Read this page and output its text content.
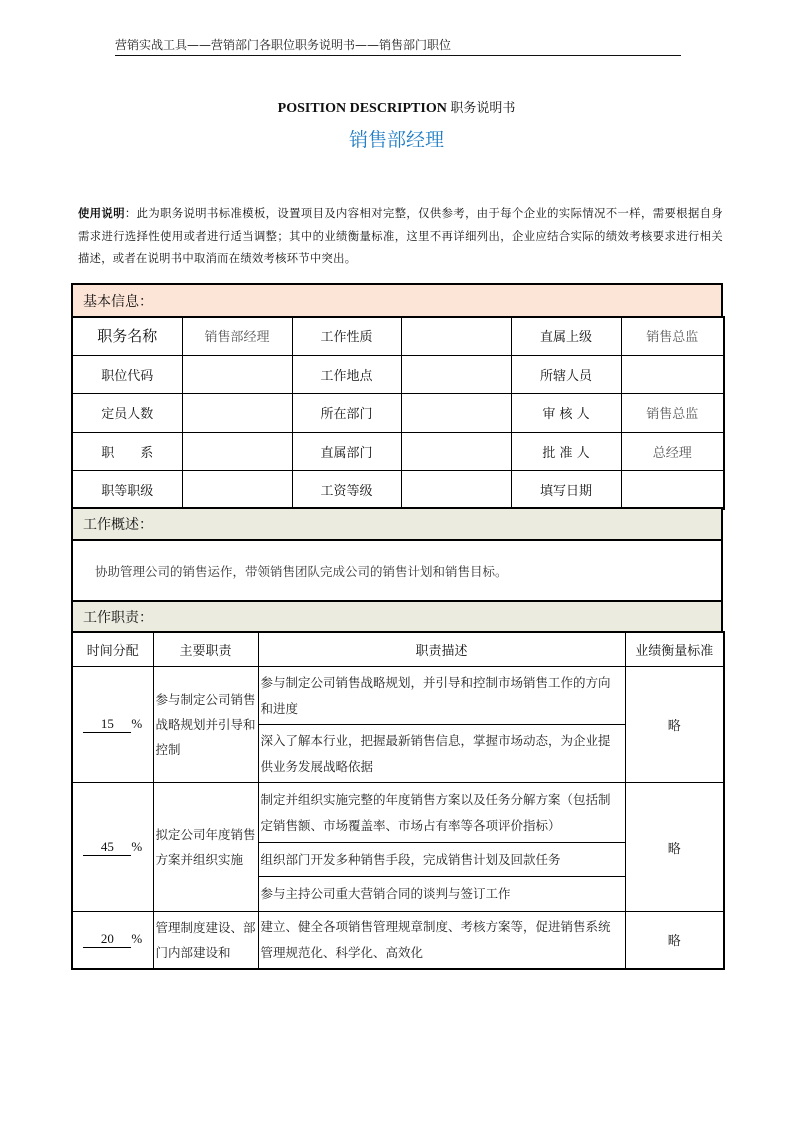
营销实战工具——营销部门各职位职务说明书——销售部门职位
POSITION DESCRIPTION 职务说明书
销售部经理
使用说明：此为职务说明书标准模板，设置项目及内容相对完整，仅供参考，由于每个企业的实际情况不一样，需要根据自身需求进行选择性使用或者进行适当调整；其中的业绩衡量标准，这里不再详细列出，企业应结合实际的绩效考核要求进行相关描述，或者在说明书中取消而在绩效考核环节中突出。
基本信息：
职务名称	销售部经理	工作性质		直属上级	销售总监
职位代码		工作地点		所辖人员	
定员人数		所在部门		审 核 人	销售总监
职　　系		直属部门		批 准 人	总经理
职等职级		工资等级		填写日期	
工作概述：
协助管理公司的销售运作，带领销售团队完成公司的销售计划和销售目标。
工作职责：
时间分配	主要职责	职责描述	业绩衡量标准
15 %	参与制定公司销售战略规划并引导和控制	参与制定公司销售战略规划，并引导和控制市场销售工作的方向和进度	略
		深入了解本行业，把握最新销售信息，掌握市场动态，为企业提供业务发展战略依据	
45 %	拟定公司年度销售方案并组织实施	制定并组织实施完整的年度销售方案以及任务分解方案（包括制定销售额、市场覆盖率、市场占有率等各项评价指标）	略
		组织部门开发多种销售手段，完成销售计划及回款任务	
		参与主持公司重大营销合同的谈判与签订工作	
20 %	管理制度建设、部门内部建设和	建立、健全各项销售管理规章制度、考核方案等，促进销售系统管理规范化、科学化、高效化	略
